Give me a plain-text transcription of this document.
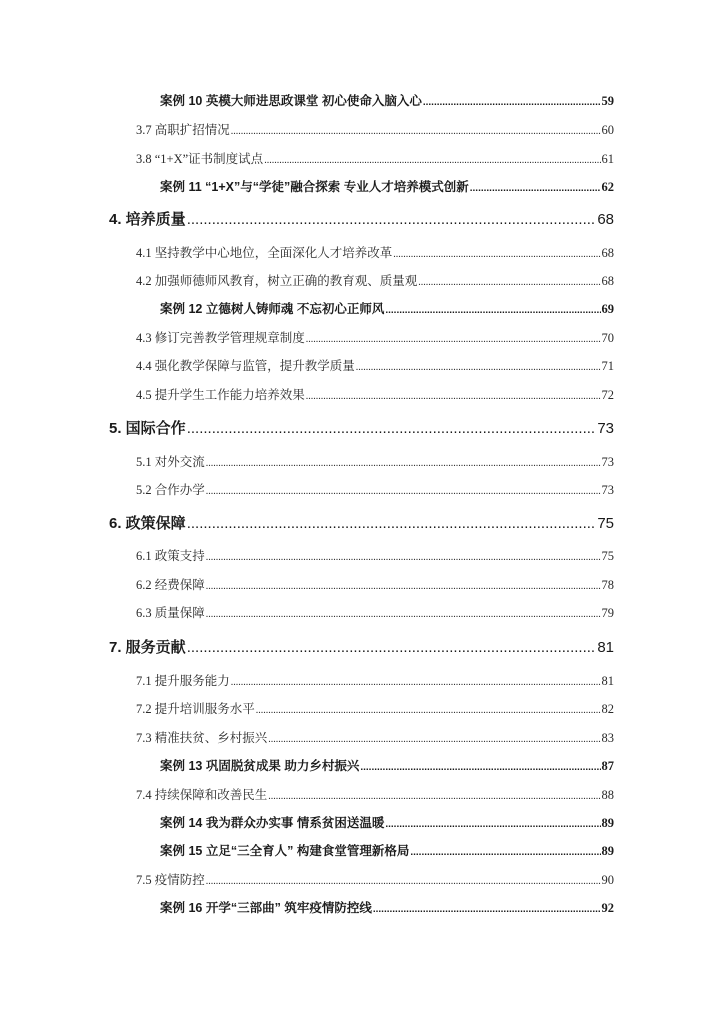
案例 10 英模大师进思政课堂 初心使命入脑入心 .....	59
3.7 高职扩招情况 .....	60
3.8 “1+X”证书制度试点 .....	61
案例 11 “1+X”与“学徒”融合探索 专业人才培养模式创新 .....	62
4. 培养质量 .....	68
4.1 坚持教学中心地位，全面深化人才培养改革 .....	68
4.2 加强师德师风教育，树立正确的教育观、质量观 .....	68
案例 12 立德树人铸师魂 不忘初心正师风 .....	69
4.3 修订完善教学管理规章制度 .....	70
4.4 强化教学保障与监管，提升教学质量 .....	71
4.5 提升学生工作能力培养效果 .....	72
5. 国际合作 .....	73
5.1 对外交流 .....	73
5.2 合作办学 .....	73
6. 政策保障 .....	75
6.1 政策支持 .....	75
6.2 经费保障 .....	78
6.3 质量保障 .....	79
7. 服务贡献 .....	81
7.1 提升服务能力 .....	81
7.2 提升培训服务水平 .....	82
7.3 精准扶贫、乡村振兴 .....	83
案例 13 巩固脱贫成果 助力乡村振兴 .....	87
7.4 持续保障和改善民生 .....	88
案例 14 我为群众办实事 情系贫困送温暖 .....	89
案例 15 立足“三全育人” 构建食堂管理新格局 .....	89
7.5 疫情防控 .....	90
案例 16 开学“三部曲” 筑牢疫情防控线 .....	92
